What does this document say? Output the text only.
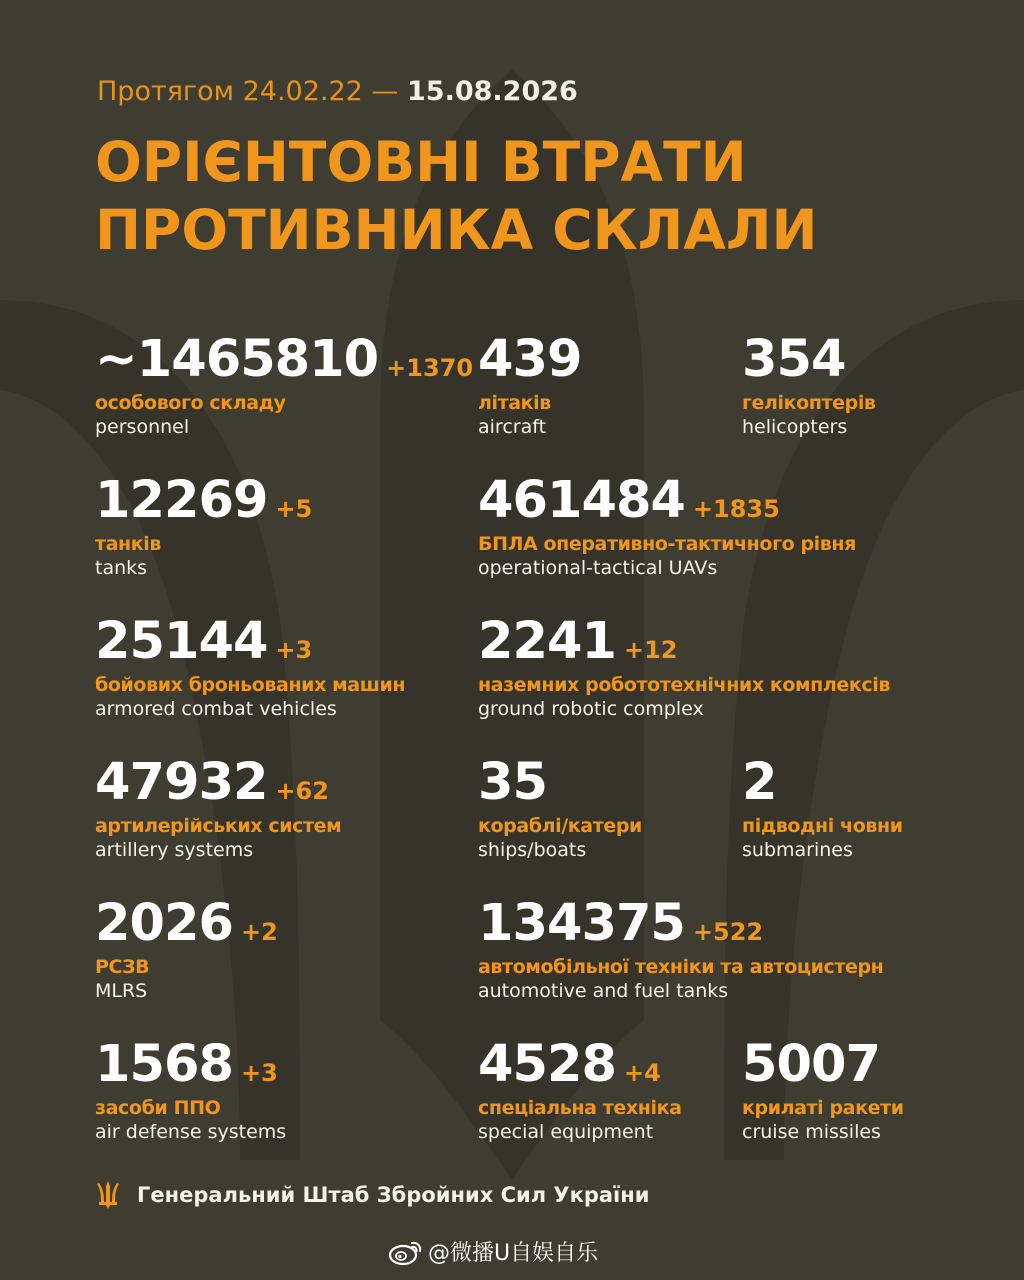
Протягом 24.02.22 — 15.08.2026
ОРІЄНТОВНІ ВТРАТИ
ПРОТИВНИКА СКЛАЛИ
~1465810 +1370
особового складу
personnel
439
літаків
aircraft
354
гелікоптерів
helicopters
12269 +5
танків
tanks
461484 +1835
БПЛА оперативно-тактичного рівня
operational-tactical UAVs
25144 +3
бойових броньованих машин
armored combat vehicles
2241 +12
наземних робототехнічних комплексів
ground robotic complex
47932 +62
артилерійських систем
artillery systems
35
кораблі/катери
ships/boats
2
підводні човни
submarines
2026 +2
РСЗВ
MLRS
134375 +522
автомобільної техніки та автоцистерн
automotive and fuel tanks
1568 +3
засоби ППО
air defense systems
4528 +4
спеціальна техніка
special equipment
5007
крилаті ракети
cruise missiles
Генеральний Штаб Збройних Сил України
@微播U自娱自乐
